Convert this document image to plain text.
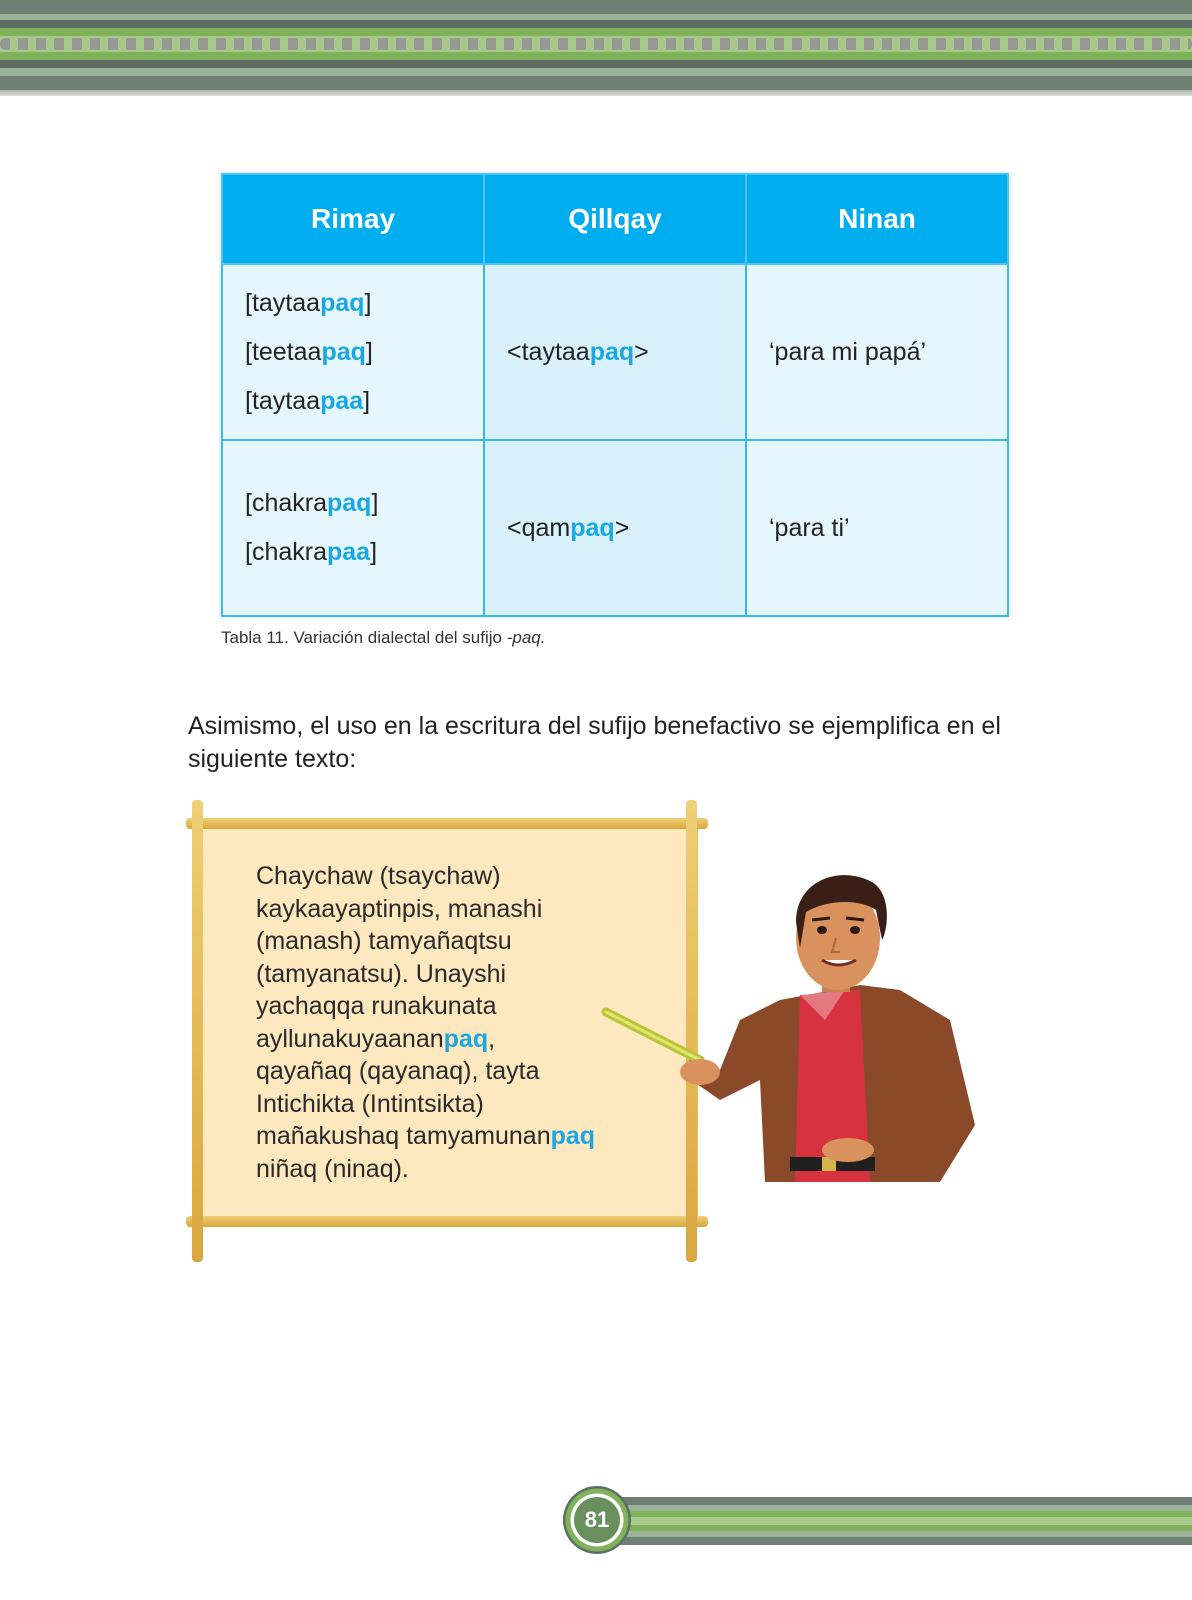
Rimay	Qillqay	Ninan

[taytaapaq]
[teetaapaq]
[taytaapaa]	<taytaapaq>	‘para mi papá’

[chakrapaq]
[chakrapaa]	<qampaq>	‘para ti’
Tabla 11. Variación dialectal del sufijo -paq.
Asimismo, el uso en la escritura del sufijo benefactivo se ejemplifica en el siguiente texto:
Chaychaw (tsaychaw)
kaykaayaptinpis, manashi
(manash) tamyañaqtsu
(tamyanatsu). Unayshi
yachaqqa runakunata
ayllunakuyaananpaq,
qayañaq (qayanaq), tayta
Intichikta (Intintsikta)
mañakushaq tamyamunanpaq
niñaq (ninaq).
81
